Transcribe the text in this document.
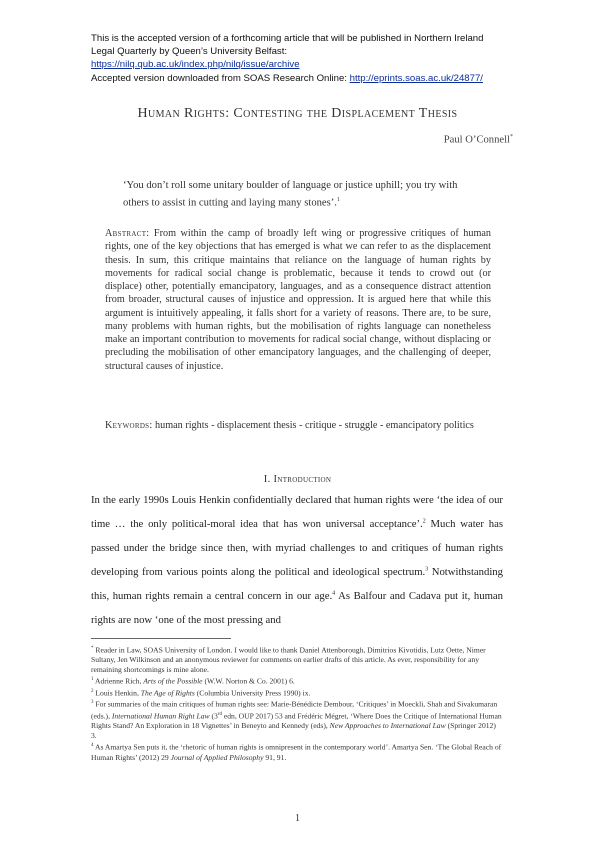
This is the accepted version of a forthcoming article that will be published in Northern Ireland
Legal Quarterly by Queen’s University Belfast:
https://nilq.qub.ac.uk/index.php/nilq/issue/archive
Accepted version downloaded from SOAS Research Online: http://eprints.soas.ac.uk/24877/
Human Rights: Contesting the Displacement Thesis
Paul O’Connell*
‘You don’t roll some unitary boulder of language or justice uphill; you try with others to assist in cutting and laying many stones’.$^1$
Abstract: From within the camp of broadly left wing or progressive critiques of human rights, one of the key objections that has emerged is what we can refer to as the displacement thesis. In sum, this critique maintains that reliance on the language of human rights by movements for radical social change is problematic, because it tends to crowd out (or displace) other, potentially emancipatory, languages, and as a consequence distract attention from broader, structural causes of injustice and oppression. It is argued here that while this argument is intuitively appealing, it falls short for a variety of reasons. There are, to be sure, many problems with human rights, but the mobilisation of rights language can nonetheless make an important contribution to movements for radical social change, without displacing or precluding the mobilisation of other emancipatory languages, and the challenging of deeper, structural causes of injustice.
Keywords: human rights - displacement thesis - critique - struggle - emancipatory politics
I. Introduction
In the early 1990s Louis Henkin confidentially declared that human rights were ‘the idea of our time … the only political-moral idea that has won universal acceptance’.$^2$ Much water has passed under the bridge since then, with myriad challenges to and critiques of human rights developing from various points along the political and ideological spectrum.$^3$ Notwithstanding this, human rights remain a central concern in our age.$^4$ As Balfour and Cadava put it, human rights are now ‘one of the most pressing and

* Reader in Law, SOAS University of London. I would like to thank Daniel Attenborough, Dimitrios Kivotidis, Lutz Oette, Nimer Sultany, Jen Wilkinson and an anonymous reviewer for comments on earlier drafts of this article. As ever, responsibility for any remaining shortcomings is mine alone.

$^1$ Adrienne Rich, Arts of the Possible (W.W. Norton & Co. 2001) 6.

$^2$ Louis Henkin, The Age of Rights (Columbia University Press 1990) ix.

$^3$ For summaries of the main critiques of human rights see: Marie-Bénédicte Dembour, ‘Critiques’ in Moeckli, Shah and Sivakumaran (eds.), International Human Right Law (3rd edn, OUP 2017) 53 and Frédéric Mégret, ‘Where Does the Critique of International Human Rights Stand? An Exploration in 18 Vignettes’ in Beneyto and Kennedy (eds), New Approaches to International Law (Springer 2012) 3.

$^4$ As Amartya Sen puts it, the ‘rhetoric of human rights is omnipresent in the contemporary world’. Amartya Sen. ‘The Global Reach of Human Rights’ (2012) 29 Journal of Applied Philosophy 91, 91.

1
